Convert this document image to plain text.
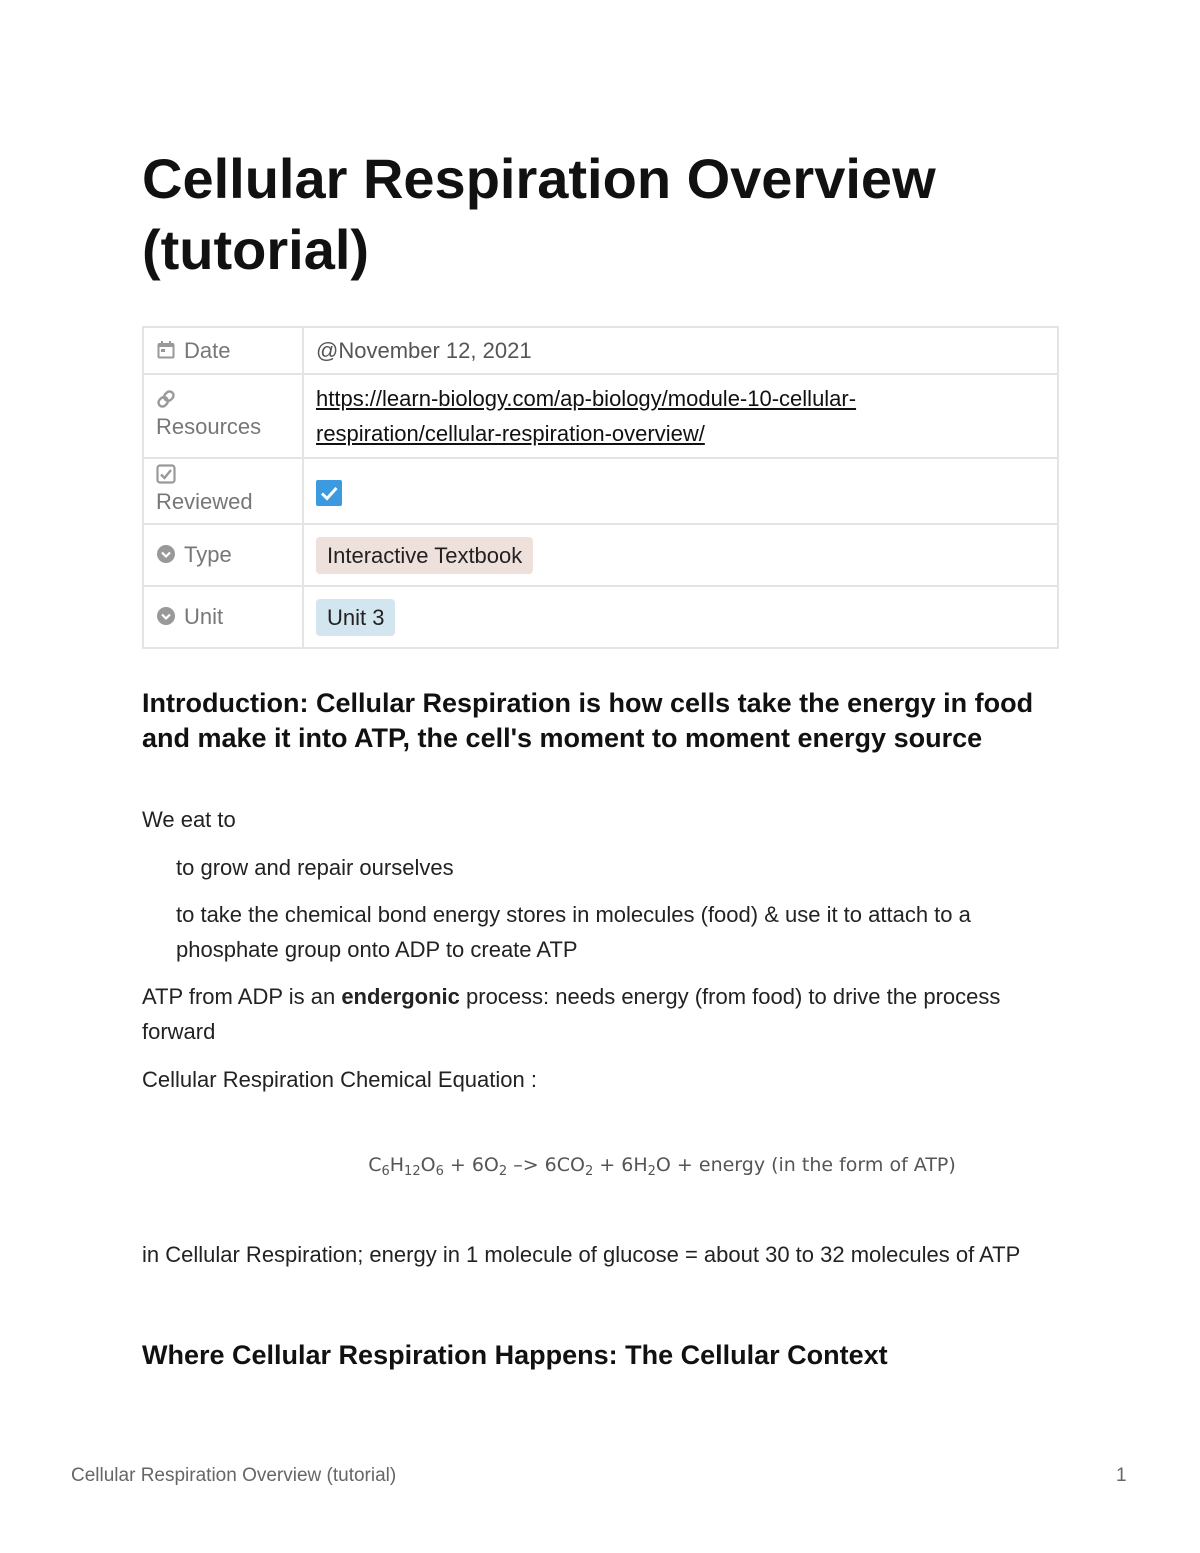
Cellular Respiration Overview (tutorial)
Date	@November 12, 2021

Resources	https://learn-biology.com/ap-biology/module-10-cellular-
respiration/cellular-respiration-overview/

Reviewed	
Type	Interactive Textbook
Unit	Unit 3
Introduction: Cellular Respiration is how cells take the energy in food and make it into ATP, the cell's moment to moment energy source

We eat to

to grow and repair ourselves

to take the chemical bond energy stores in molecules (food) & use it to attach to a phosphate group onto ADP to create ATP

ATP from ADP is an endergonic process: needs energy (from food) to drive the process forward

Cellular Respiration Chemical Equation :

$C_6H_{12}O_6 + 6O_2 -> 6CO_2 + 6H_2O$ + energy (in the form of ATP)

in Cellular Respiration; energy in 1 molecule of glucose = about 30 to 32 molecules of ATP

Where Cellular Respiration Happens: The Cellular Context
Cellular Respiration Overview (tutorial)	1
